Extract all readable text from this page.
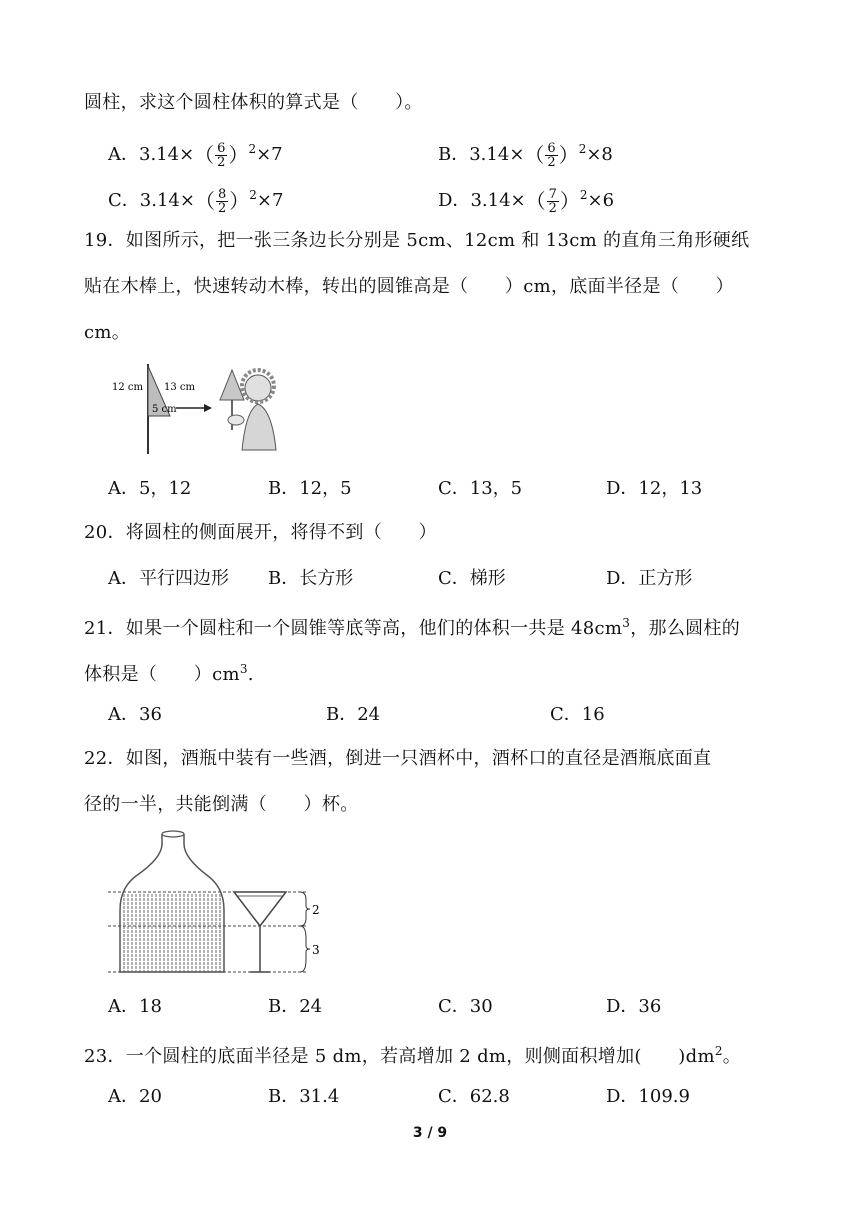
圆柱，求这个圆柱体积的算式是（　　）。
A．$3.14\times( \frac{6}{2} )^2\times 7$	B．$3.14\times( \frac{6}{2} )^2\times 8$
C．$3.14\times( \frac{8}{2} )^2\times 7$	D．$3.14\times( \frac{7}{2} )^2\times 6$
19．如图所示，把一张三条边长分别是 5cm、12cm 和 13cm 的直角三角形硬纸
贴在木棒上，快速转动木棒，转出的圆锥高是（　　）cm，底面半径是（　　）
cm。
12 cm 13 cm
5 cm
A．5，12	B．12，5	C．13，5	D．12，13
20．将圆柱的侧面展开，将得不到（　　）
A．平行四边形 B．长方形	C．梯形	D．正方形
21．如果一个圆柱和一个圆锥等底等高，他们的体积一共是 $48cm^3$，那么圆柱的
体积是（　　）$cm^3$.
A．36	B．24	C．16
22．如图，酒瓶中装有一些酒，倒进一只酒杯中，酒杯口的直径是酒瓶底面直
径的一半，共能倒满（　　）杯。
2
3
A．18	B．24	C．30	D．36
23．一个圆柱的底面半径是 5 dm，若高增加 2 dm，则侧面积增加(　　)$dm^2$。
A．20	B．31.4	C．62.8	D．109.9
3 / 9
